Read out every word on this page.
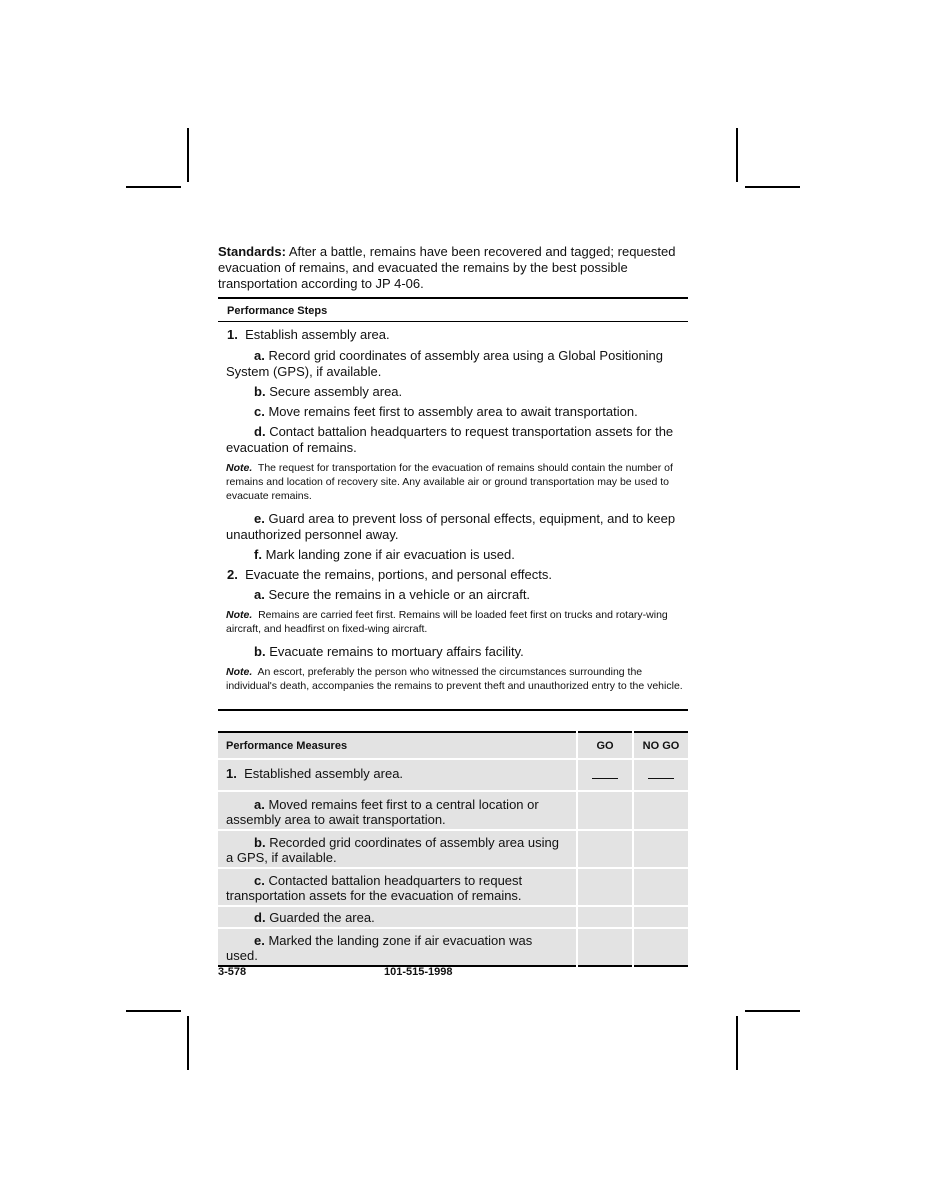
Standards: After a battle, remains have been recovered and tagged; requested evacuation of remains, and evacuated the remains by the best possible transportation according to JP 4-06.

Performance Steps

1. Establish assembly area.

a. Record grid coordinates of assembly area using a Global Positioning System (GPS), if available.

b. Secure assembly area.

c. Move remains feet first to assembly area to await transportation.

d. Contact battalion headquarters to request transportation assets for the evacuation of remains.

Note. The request for transportation for the evacuation of remains should contain the number of remains and location of recovery site. Any available air or ground transportation may be used to evacuate remains.

e. Guard area to prevent loss of personal effects, equipment, and to keep unauthorized personnel away.

f. Mark landing zone if air evacuation is used.

2. Evacuate the remains, portions, and personal effects.

a. Secure the remains in a vehicle or an aircraft.

Note. Remains are carried feet first. Remains will be loaded feet first on trucks and rotary-wing aircraft, and headfirst on fixed-wing aircraft.

b. Evacuate remains to mortuary affairs facility.

Note. An escort, preferably the person who witnessed the circumstances surrounding the individual's death, accompanies the remains to prevent theft and unauthorized entry to the vehicle.

Performance Measures	GO	NO GO
1. Established assembly area.		
a. Moved remains feet first to a central location or assembly area to await transportation.		
b. Recorded grid coordinates of assembly area using a GPS, if available.		
c. Contacted battalion headquarters to request transportation assets for the evacuation of remains.		
d. Guarded the area.		
e. Marked the landing zone if air evacuation was used.		
3-578	101-515-1998
